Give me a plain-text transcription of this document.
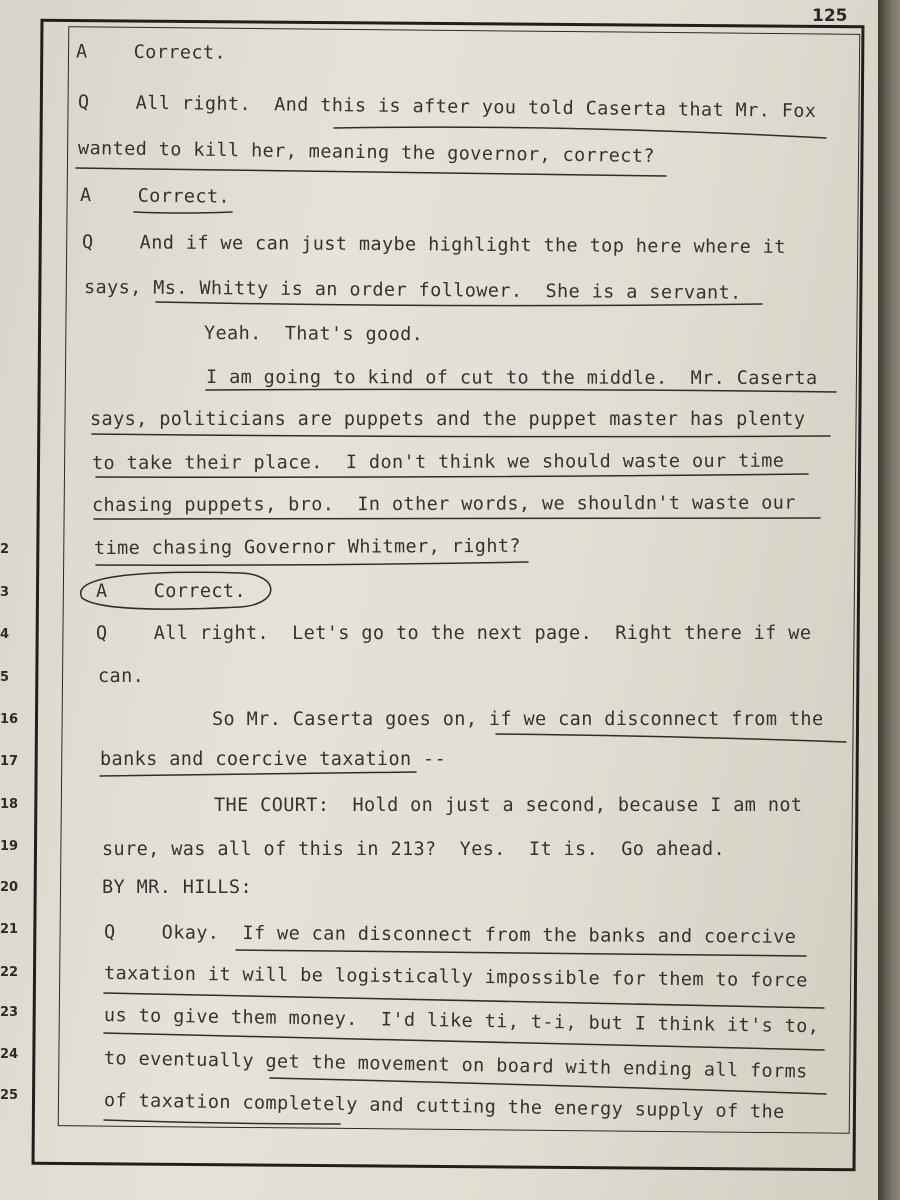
125
2
3
4
5
16
17
18
19
20
21
22
23
24
25
A    Correct.
Q    All right.  And this is after you told Caserta that Mr. Fox
wanted to kill her, meaning the governor, correct?
A    Correct.
Q    And if we can just maybe highlight the top here where it
says, Ms. Whitty is an order follower.  She is a servant.
Yeah.  That's good.
I am going to kind of cut to the middle.  Mr. Caserta
says, politicians are puppets and the puppet master has plenty
to take their place.  I don't think we should waste our time
chasing puppets, bro.  In other words, we shouldn't waste our
time chasing Governor Whitmer, right?
A    Correct.
Q    All right.  Let's go to the next page.  Right there if we
can.
So Mr. Caserta goes on, if we can disconnect from the
banks and coercive taxation --
THE COURT:  Hold on just a second, because I am not
sure, was all of this in 213?  Yes.  It is.  Go ahead.
BY MR. HILLS:
Q    Okay.  If we can disconnect from the banks and coercive
taxation it will be logistically impossible for them to force
us to give them money.  I'd like ti, t-i, but I think it's to,
to eventually get the movement on board with ending all forms
of taxation completely and cutting the energy supply of the
